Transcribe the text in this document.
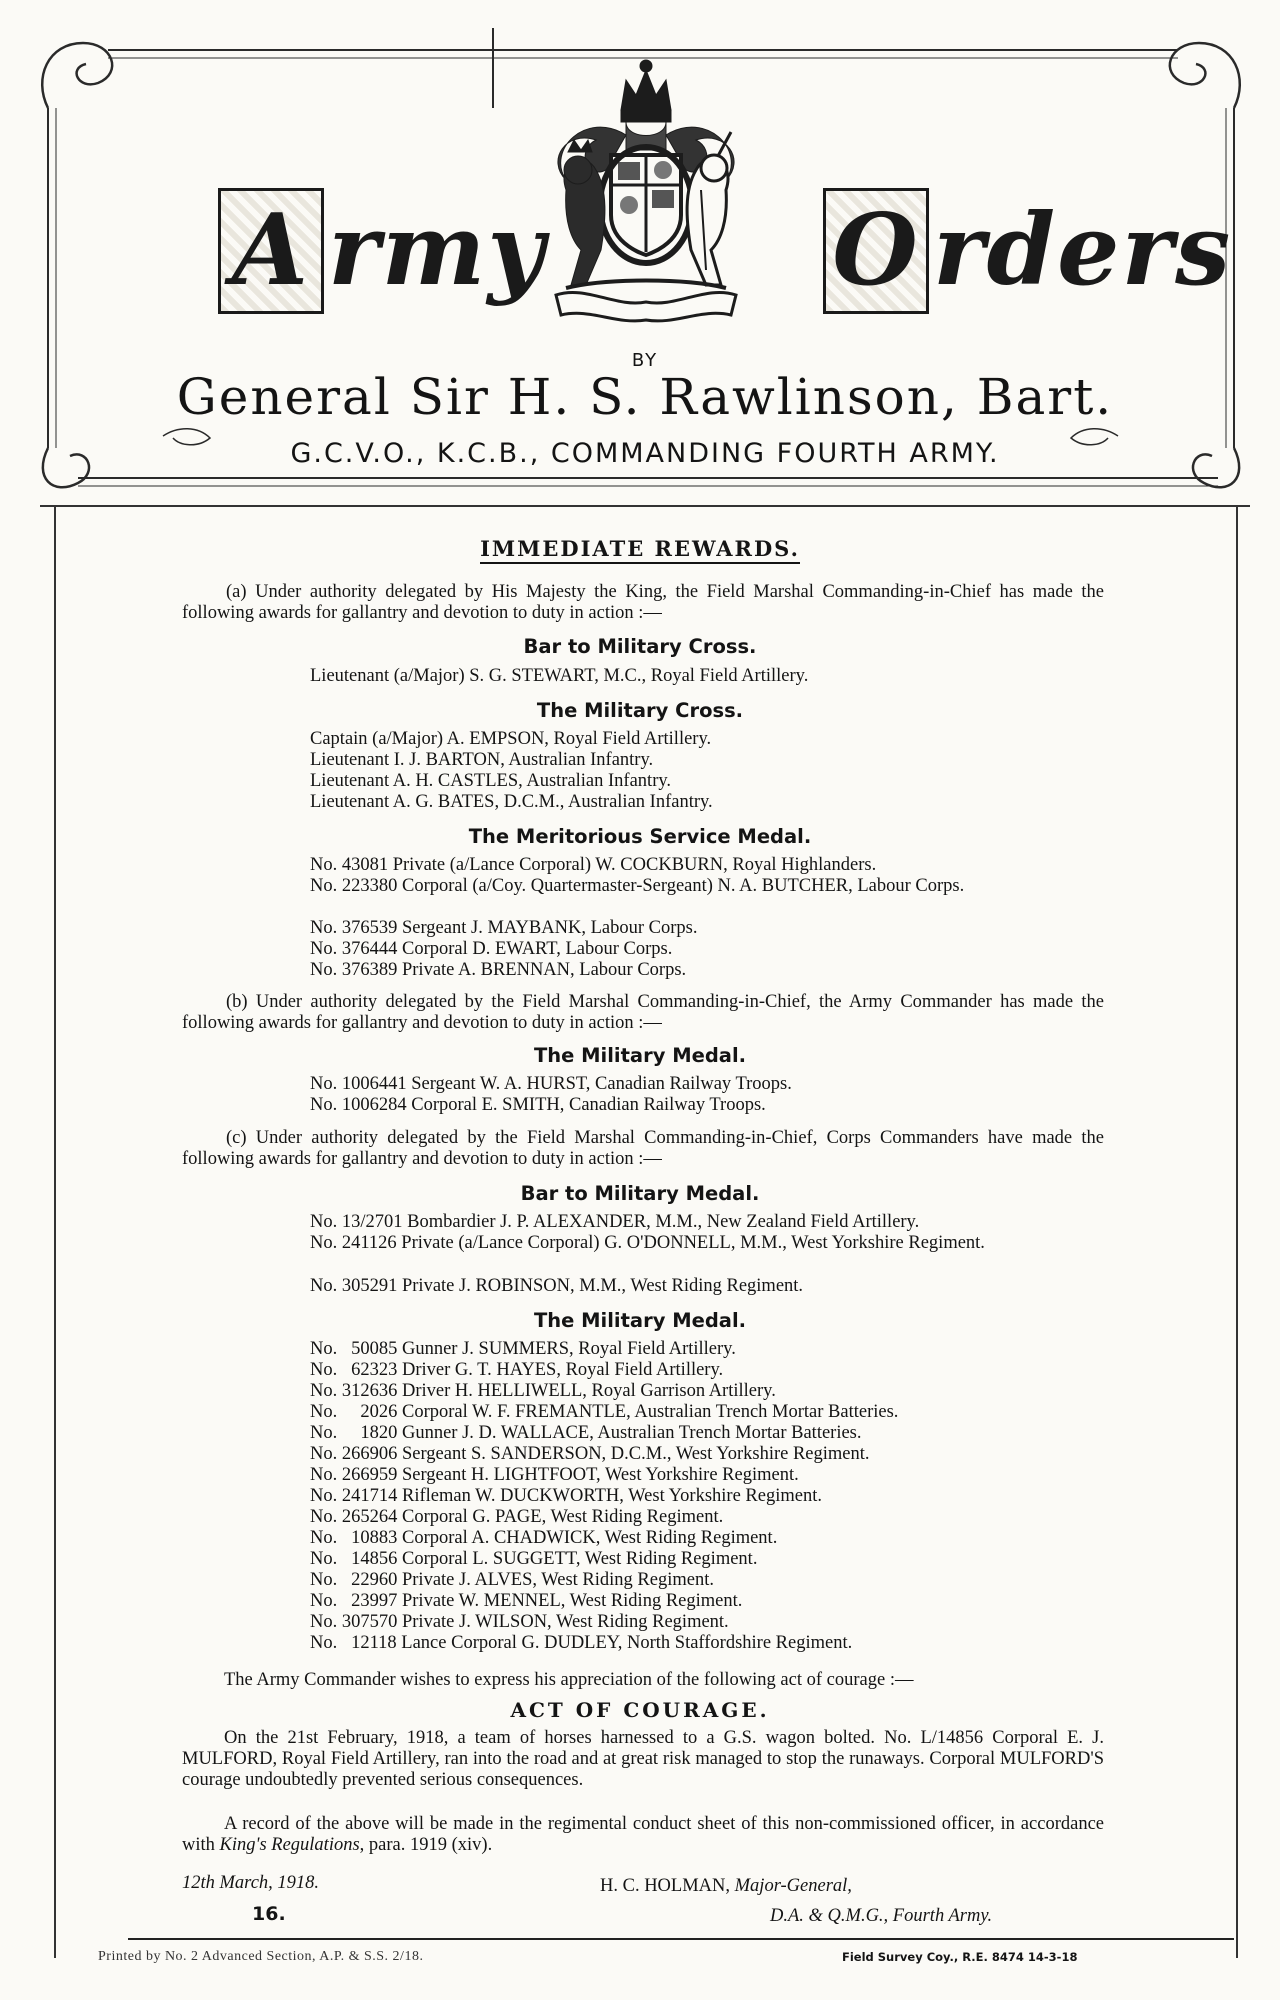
A rmy	O rders
BY
General Sir H. S. Rawlinson, Bart.
G.C.V.O., K.C.B., COMMANDING FOURTH ARMY.
IMMEDIATE REWARDS.
(a) Under authority delegated by His Majesty the King, the Field Marshal Commanding-in-Chief has made the following awards for gallantry and devotion to duty in action :—
Bar to Military Cross.
Lieutenant (a/Major) S. G. STEWART, M.C., Royal Field Artillery.
The Military Cross.
Captain (a/Major) A. EMPSON, Royal Field Artillery.
Lieutenant I. J. BARTON, Australian Infantry.
Lieutenant A. H. CASTLES, Australian Infantry.
Lieutenant A. G. BATES, D.C.M., Australian Infantry.
The Meritorious Service Medal.
No. 43081 Private (a/Lance Corporal) W. COCKBURN, Royal Highlanders.
No. 223380 Corporal (a/Coy. Quartermaster-Sergeant) N. A. BUTCHER, Labour Corps.
No. 376539 Sergeant J. MAYBANK, Labour Corps.
No. 376444 Corporal D. EWART, Labour Corps.
No. 376389 Private A. BRENNAN, Labour Corps.
(b) Under authority delegated by the Field Marshal Commanding-in-Chief, the Army Commander has made the following awards for gallantry and devotion to duty in action :—
The Military Medal.
No. 1006441 Sergeant W. A. HURST, Canadian Railway Troops.
No. 1006284 Corporal E. SMITH, Canadian Railway Troops.
(c) Under authority delegated by the Field Marshal Commanding-in-Chief, Corps Commanders have made the following awards for gallantry and devotion to duty in action :—
Bar to Military Medal.
No. 13/2701 Bombardier J. P. ALEXANDER, M.M., New Zealand Field Artillery.
No. 241126 Private (a/Lance Corporal) G. O'DONNELL, M.M., West Yorkshire Regiment.
No. 305291 Private J. ROBINSON, M.M., West Riding Regiment.
The Military Medal.
No.   50085 Gunner J. SUMMERS, Royal Field Artillery.
No.   62323 Driver G. T. HAYES, Royal Field Artillery.
No. 312636 Driver H. HELLIWELL, Royal Garrison Artillery.
No.     2026 Corporal W. F. FREMANTLE, Australian Trench Mortar Batteries.
No.     1820 Gunner J. D. WALLACE, Australian Trench Mortar Batteries.
No. 266906 Sergeant S. SANDERSON, D.C.M., West Yorkshire Regiment.
No. 266959 Sergeant H. LIGHTFOOT, West Yorkshire Regiment.
No. 241714 Rifleman W. DUCKWORTH, West Yorkshire Regiment.
No. 265264 Corporal G. PAGE, West Riding Regiment.
No.   10883 Corporal A. CHADWICK, West Riding Regiment.
No.   14856 Corporal L. SUGGETT, West Riding Regiment.
No.   22960 Private J. ALVES, West Riding Regiment.
No.   23997 Private W. MENNEL, West Riding Regiment.
No. 307570 Private J. WILSON, West Riding Regiment.
No.   12118 Lance Corporal G. DUDLEY, North Staffordshire Regiment.
The Army Commander wishes to express his appreciation of the following act of courage :—
ACT OF COURAGE.
On the 21st February, 1918, a team of horses harnessed to a G.S. wagon bolted. No. L/14856 Corporal E. J. MULFORD, Royal Field Artillery, ran into the road and at great risk managed to stop the runaways. Corporal MULFORD'S courage undoubtedly prevented serious consequences.
A record of the above will be made in the regimental conduct sheet of this non-commissioned officer, in accordance with King's Regulations, para. 1919 (xiv).
12th March, 1918.
16.
H. C. HOLMAN, Major-General,
D.A. & Q.M.G., Fourth Army.
Printed by No. 2 Advanced Section, A.P. & S.S. 2/18.	Field Survey Coy., R.E. 8474 14-3-18
